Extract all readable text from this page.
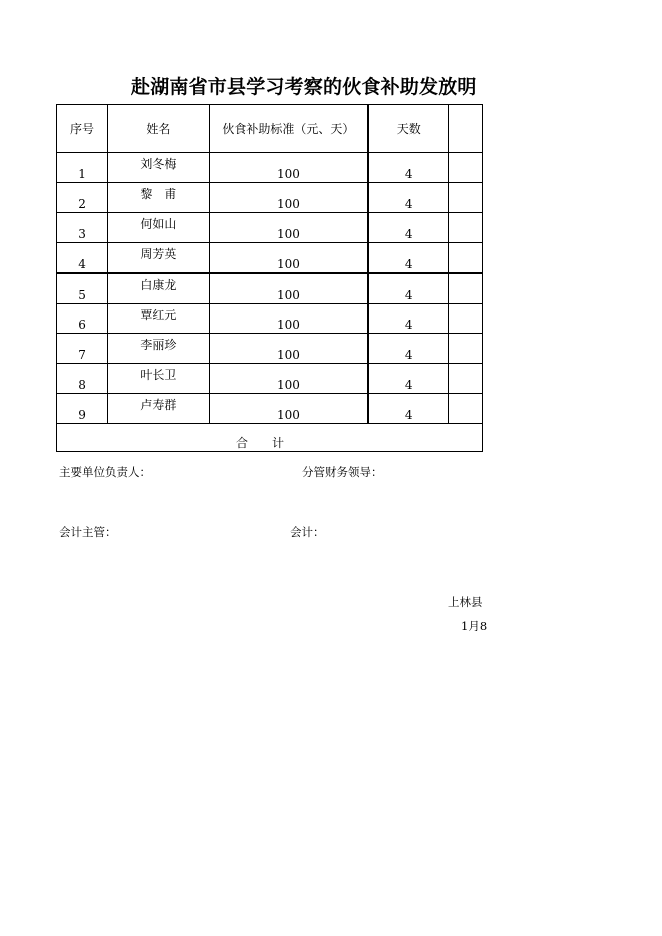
赴湖南省市县学习考察的伙食补助发放明
序号	姓名	伙食补助标准（元、天）	天数	
1	刘冬梅	100	4	
2	黎　甫	100	4	
3	何如山	100	4	
4	周芳英	100	4	
5	白康龙	100	4	
6	覃红元	100	4	
7	李丽珍	100	4	
8	叶长卫	100	4	
9	卢寿群	100	4	
合　　计				
主要单位负责人：	分管财务领导：
会计主管：	会计：
上林县
1月8
